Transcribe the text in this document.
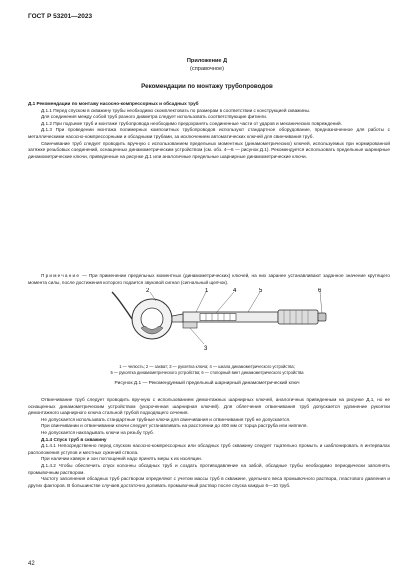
ГОСТ Р 53201—2023
Приложение Д
(справочное)
Рекомендации по монтажу трубопроводов

Д.1 Рекомендации по монтажу насосно-компрессорных и обсадных труб

Д.1.1 Перед спуском в скважину трубы необходимо скомплектовать по размерам в соответствии с конструкцией скважины.

Для соединения между собой труб разного диаметра следует использовать соответствующие фитинги.

Д.1.2 При подъеме труб и монтаже трубопровода необходимо предохранять соединенные части от ударов и механических повреждений.

Д.1.3 При проведении монтажа полимерных композитных трубопроводов используют стандартное оборудование, предназначенное для работы с металлическими насосно-компрессорными и обсадными трубами, за исключением автоматических ключей для свинчивания труб.

Свинчивание труб следует проводить вручную с использованием предельных моментных (динамометрических) ключей, используемых при нормированной затяжке резьбовых соединений, оснащенных динамометрическим устройством (см. обз. 4—6 — рисунок Д.1). Рекомендуется использовать предельные шарнирные динамометрические ключи, приведенные на рисунке Д.1 или аналогичные предельные шарнирные динамометрические ключи.

Примечание — При применении предельных моментных (динамометрических) ключей, на них заранее устанавливают заданное значение крутящего момента силы, после достижения которого подается звуковой сигнал (сигнальный щелчок).
2	1	4	5	6
3
1 — челюсть; 2 — захват; 3 — рукоятка ключа; 4 — шкала динамометрического устройства;
5 — рукоятка динамометрического устройства; 6 — стопорный винт динамометрического устройства
Рисунок Д.1 — Рекомендуемый предельный шарнирный динамометрический ключ

Отвинчивание труб следует проводить вручную с использованием демонтажных шарнирных ключей, аналогичных приведенным на рисунке Д.1, но не оснащенных динамометрическим устройством (укороченная шарнирная ключей). Для облегчения отвинчивания труб допускается удлинение рукоятки демонтажного шарнирного ключа стальной трубой подходящего сечения.

Не допускается использовать стандартные трубные ключи для свинчивания и отвинчивания труб не допускается.

При свинчивании и отвинчивании ключи следует устанавливать на расстоянии до 400 мм от торца раструба или ниппеля.

Не допускается накладывать ключи на резьбу труб.

Д.1.4 Спуск труб в скважину

Д.1.4.1 Непосредственно перед спуском насосно-компрессорных или обсадных труб скважину следует тщательно промыть и шаблонировать в интервалах расположения уступов и местных сужений ствола.

При наличии каверн и зон поглощений надо принять меры к их изоляции.

Д.1.4.2 Чтобы обеспечить спуск колонны обсадных труб и создать противодавление на забой, обсадные трубы необходимо периодически заполнять промывочным раствором.

Частоту заполнения обсадных труб раствором определяют с учетом массы труб в скважине, удельного веса промывочного раствора, пластового давления и других факторов. В большинстве случаев достаточно доливать промывочный раствор после спуска каждых 6—10 труб.

42
